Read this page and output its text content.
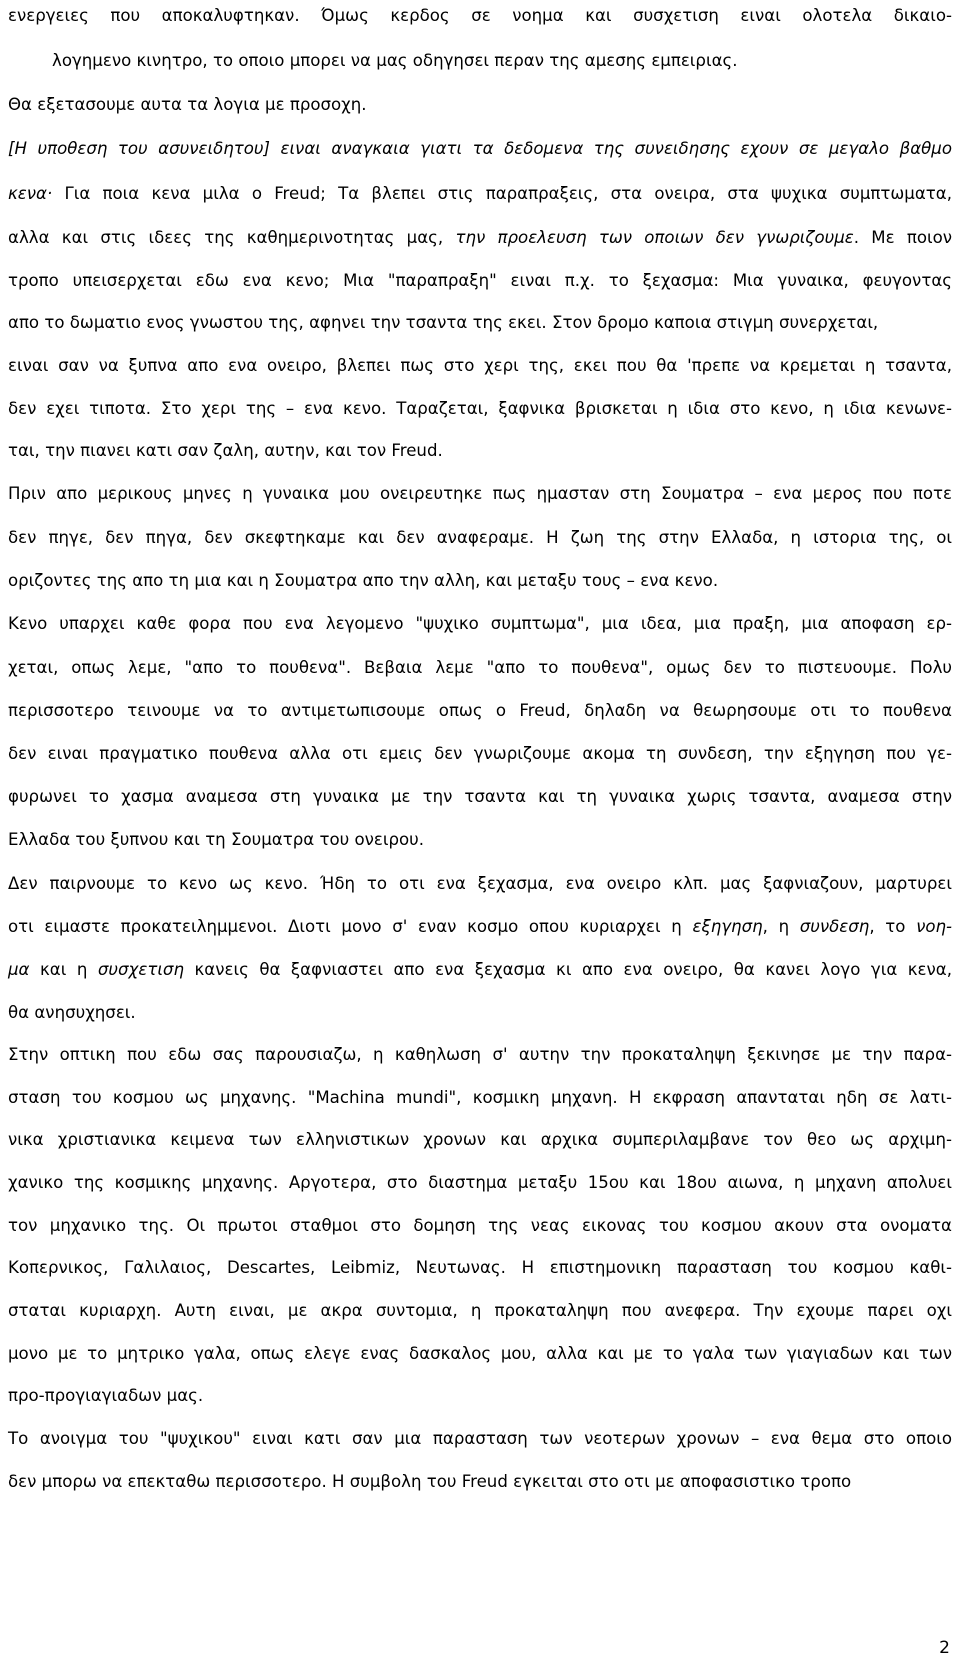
ενεργειες που αποκαλυφτηκαν. Όμως κερδος σε νοημα και συσχετιση ειναι ολοτελα δικαιο-
λογημενο κινητρο, το οποιο μπορει να μας οδηγησει περαν της αμεσης εμπειριας.
Θα εξετασουμε αυτα τα λογια με προσοχη.
[Η υποθεση του ασυνειδητου] ειναι αναγκαια γιατι τα δεδομενα της συνειδησης εχουν σε μεγαλο βαθμο
κενα· Για ποια κενα μιλα ο Freud; Τα βλεπει στις παραπραξεις, στα ονειρα, στα ψυχικα συμπτωματα,
αλλα και στις ιδεες της καθημερινοτητας μας, την προελευση των οποιων δεν γνωριζουμε. Με ποιον
τροπο υπεισερχεται εδω ενα κενο; Μια "παραπραξη" ειναι π.χ. το ξεχασμα: Μια γυναικα, φευγοντας
απο το δωματιο ενος γνωστου της, αφηνει την τσαντα της εκει. Στον δρομο καποια στιγμη συνερχεται,
ειναι σαν να ξυπνα απο ενα ονειρο, βλεπει πως στο χερι της, εκει που θα 'πρεπε να κρεμεται η τσαντα,
δεν εχει τιποτα. Στο χερι της – ενα κενο. Ταραζεται, ξαφνικα βρισκεται η ιδια στο κενο, η ιδια κενωνε-
ται, την πιανει κατι σαν ζαλη, αυτην, και τον Freud.
Πριν απο μερικους μηνες η γυναικα μου ονειρευτηκε πως ημασταν στη Σουματρα – ενα μερος που ποτε
δεν πηγε, δεν πηγα, δεν σκεφτηκαμε και δεν αναφεραμε. Η ζωη της στην Ελλαδα, η ιστορια της, οι
οριζοντες της απο τη μια και η Σουματρα απο την αλλη, και μεταξυ τους – ενα κενο.
Κενο υπαρχει καθε φορα που ενα λεγομενο "ψυχικο συμπτωμα", μια ιδεα, μια πραξη, μια αποφαση ερ-
χεται, οπως λεμε, "απο το πουθενα". Βεβαια λεμε "απο το πουθενα", ομως δεν το πιστευουμε. Πολυ
περισσοτερο τεινουμε να το αντιμετωπισουμε οπως ο Freud, δηλαδη να θεωρησουμε οτι το πουθενα
δεν ειναι πραγματικο πουθενα αλλα οτι εμεις δεν γνωριζουμε ακομα τη συνδεση, την εξηγηση που γε-
φυρωνει το χασμα αναμεσα στη γυναικα με την τσαντα και τη γυναικα χωρις τσαντα, αναμεσα στην
Ελλαδα του ξυπνου και τη Σουματρα του ονειρου.
Δεν παιρνουμε το κενο ως κενο. Ήδη το οτι ενα ξεχασμα, ενα ονειρο κλπ. μας ξαφνιαζουν, μαρτυρει
οτι ειμαστε προκατειλημμενοι. Διοτι μονο σ' εναν κοσμο οπου κυριαρχει η εξηγηση, η συνδεση, το νοη-
μα και η συσχετιση κανεις θα ξαφνιαστει απο ενα ξεχασμα κι απο ενα ονειρο, θα κανει λογο για κενα,
θα ανησυχησει.
Στην οπτικη που εδω σας παρουσιαζω, η καθηλωση σ' αυτην την προκαταληψη ξεκινησε με την παρα-
σταση του κοσμου ως μηχανης. "Machina mundi", κοσμικη μηχανη. Η εκφραση απανταται ηδη σε λατι-
νικα χριστιανικα κειμενα των ελληνιστικων χρονων και αρχικα συμπεριλαμβανε τον θεο ως αρχιμη-
χανικο της κοσμικης μηχανης. Αργοτερα, στο διαστημα μεταξυ 15ου και 18ου αιωνα, η μηχανη απολυει
τον μηχανικο της. Οι πρωτοι σταθμοι στο δομηση της νεας εικονας του κοσμου ακουν στα ονοματα
Κοπερνικος, Γαλιλαιος, Descartes, Leibmiz, Νευτωνας. Η επιστημονικη παρασταση του κοσμου καθι-
σταται κυριαρχη. Αυτη ειναι, με ακρα συντομια, η προκαταληψη που ανεφερα. Την εχουμε παρει οχι
μονο με το μητρικο γαλα, οπως ελεγε ενας δασκαλος μου, αλλα και με το γαλα των γιαγιαδων και των
προ-προγιαγιαδων μας.
Το ανοιγμα του "ψυχικου" ειναι κατι σαν μια παρασταση των νεοτερων χρονων – ενα θεμα στο οποιο
δεν μπορω να επεκταθω περισσοτερο. Η συμβολη του Freud εγκειται στο οτι με αποφασιστικο τροπο
2
